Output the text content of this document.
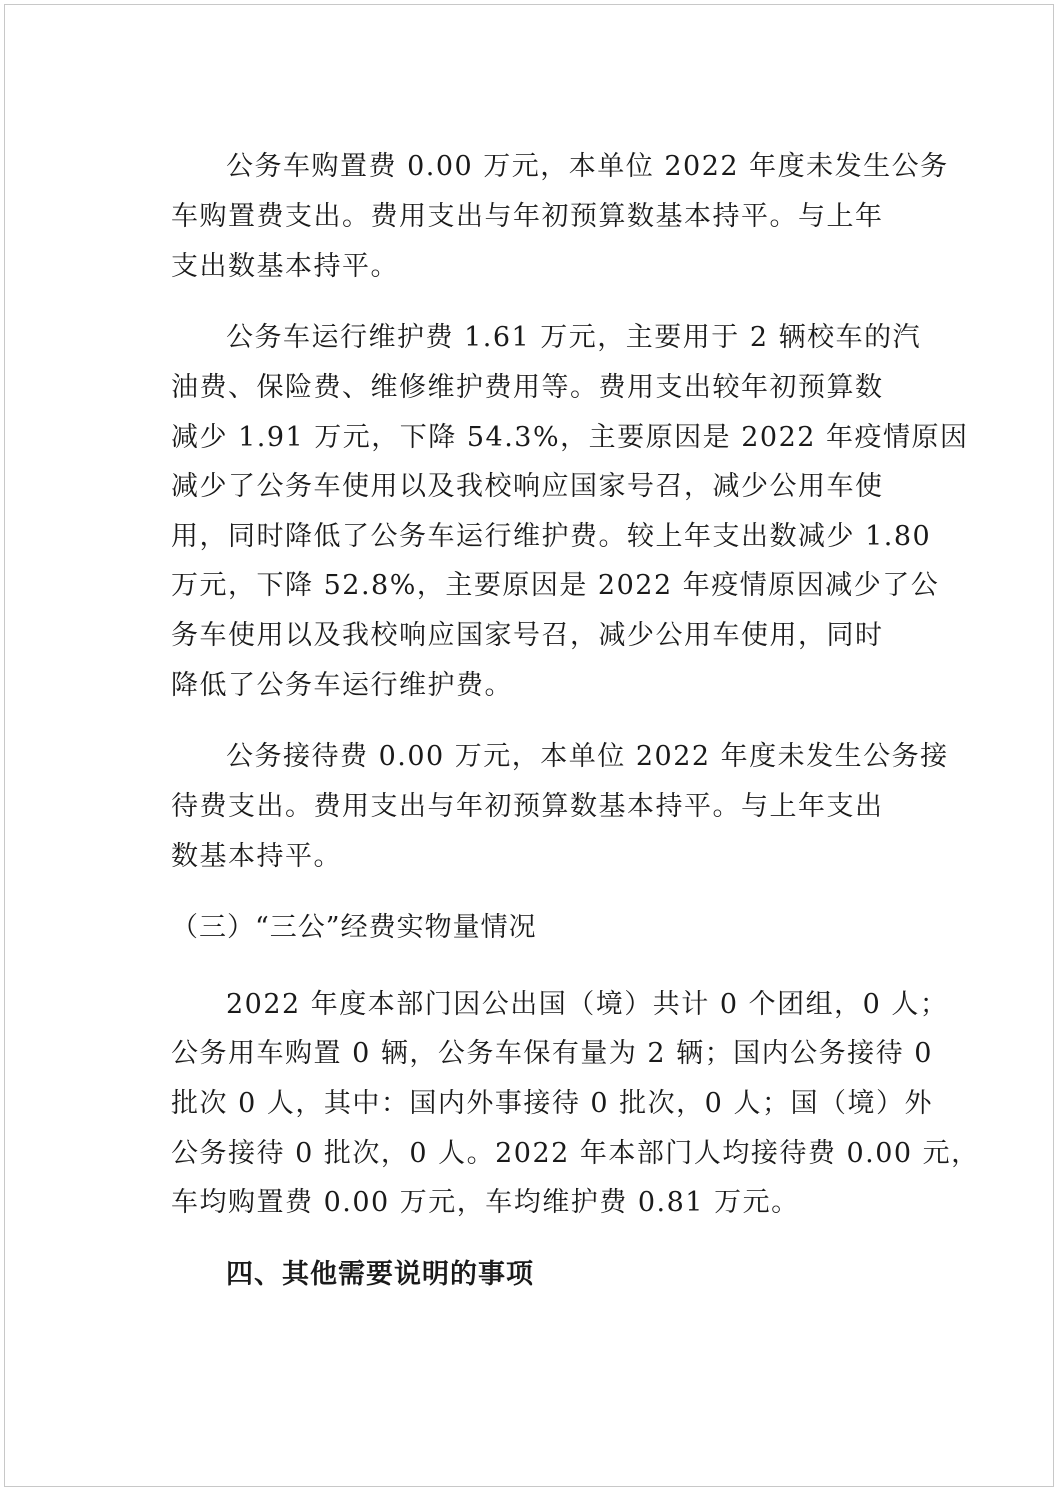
公务车购置费 0.00 万元，本单位 2022 年度未发生公务
车购置费支出。费用支出与年初预算数基本持平。与上年
支出数基本持平。
公务车运行维护费 1.61 万元，主要用于 2 辆校车的汽
油费、保险费、维修维护费用等。费用支出较年初预算数
减少 1.91 万元，下降 54.3%，主要原因是 2022 年疫情原因
减少了公务车使用以及我校响应国家号召，减少公用车使
用，同时降低了公务车运行维护费。较上年支出数减少 1.80
万元，下降 52.8%，主要原因是 2022 年疫情原因减少了公
务车使用以及我校响应国家号召，减少公用车使用，同时
降低了公务车运行维护费。
公务接待费 0.00 万元，本单位 2022 年度未发生公务接
待费支出。费用支出与年初预算数基本持平。与上年支出
数基本持平。
（三）“三公”经费实物量情况
2022 年度本部门因公出国（境）共计 0 个团组，0 人；
公务用车购置 0 辆，公务车保有量为 2 辆；国内公务接待 0
批次 0 人，其中：国内外事接待 0 批次，0 人；国（境）外
公务接待 0 批次，0 人。2022 年本部门人均接待费 0.00 元，
车均购置费 0.00 万元，车均维护费 0.81 万元。
四、其他需要说明的事项
